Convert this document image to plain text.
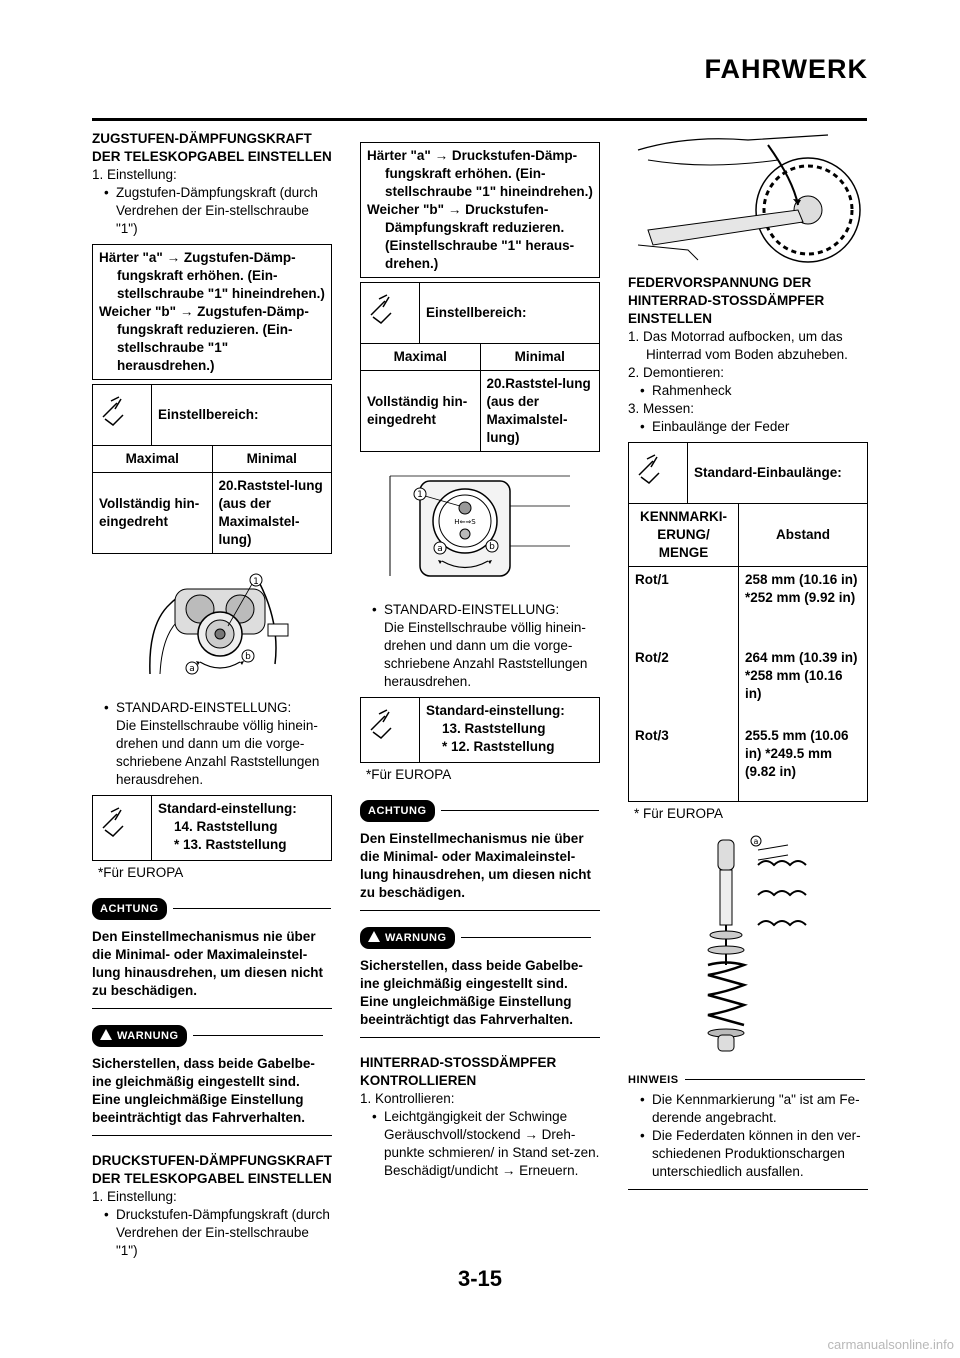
FAHRWERK
ZUGSTUFEN-DÄMPFUNGSKRAFT DER TELESKOPGABEL EINSTELLEN
1. Einstellung:
• Zugstufen-Dämpfungskraft (durch Verdrehen der Ein-stellschraube "1")
Härter "a" → Zugstufen-Dämp-fungskraft erhöhen. (Ein-stellschraube "1" hineindrehen.)
Weicher "b" → Zugstufen-Dämp-fungskraft reduzieren. (Ein-stellschraube "1" herausdrehen.)
	Einstellbereich:
Maximal	Minimal
Vollständig hin-eingedreht	20.Raststel-lung (aus der Maximalstel-lung)
1
a
b
• STANDARD-EINSTELLUNG:
Die Einstellschraube völlig hinein-drehen und dann um die vorge-schriebene Anzahl Raststellungen herausdrehen.

Standard-einstellung:
14. Raststellung
* 13. Raststellung
*Für EUROPA
ACHTUNG
Den Einstellmechanismus nie über die Minimal- oder Maximaleinstel-lung hinausdrehen, um diesen nicht zu beschädigen.
WARNUNG
Sicherstellen, dass beide Gabelbe-ine gleichmäßig eingestellt sind. Eine ungleichmäßige Einstellung beeinträchtigt das Fahrverhalten.
DRUCKSTUFEN-DÄMPFUNGSKRAFT DER TELESKOPGABEL EINSTELLEN
1. Einstellung:
• Druckstufen-Dämpfungskraft (durch Verdrehen der Ein-stellschraube "1")
Härter "a" → Druckstufen-Dämp-fungskraft erhöhen. (Ein-stellschraube "1" hineindrehen.)
Weicher "b" → Druckstufen-Dämpfungskraft reduzieren. (Einstellschraube "1" heraus-drehen.)
	Einstellbereich:
Maximal	Minimal
Vollständig hin-eingedreht	20.Raststel-lung (aus der Maximalstel-lung)
H⇐⇒S
1
a	b
• STANDARD-EINSTELLUNG:
Die Einstellschraube völlig hinein-drehen und dann um die vorge-schriebene Anzahl Raststellungen herausdrehen.

Standard-einstellung:
13. Raststellung
* 12. Raststellung
*Für EUROPA
ACHTUNG
Den Einstellmechanismus nie über die Minimal- oder Maximaleinstel-lung hinausdrehen, um diesen nicht zu beschädigen.
WARNUNG
Sicherstellen, dass beide Gabelbe-ine gleichmäßig eingestellt sind. Eine ungleichmäßige Einstellung beeinträchtigt das Fahrverhalten.
HINTERRAD-STOSSDÄMPFER KONTROLLIEREN
1. Kontrollieren:
• Leichtgängigkeit der Schwinge
Geräuschvoll/stockend → Dreh-punkte schmieren/ in Stand set-zen.
Beschädigt/undicht → Erneuern.
FEDERVORSPANNUNG DER HINTERRAD-STOSSDÄMPFER EINSTELLEN
1. Das Motorrad aufbocken, um das Hinterrad vom Boden abzuheben.
2. Demontieren:
• Rahmenheck
3. Messen:
• Einbaulänge der Feder
	Standard-Einbaulänge:
KENNMARKI-ERUNG/ MENGE	Abstand
Rot/1	258 mm (10.16 in) *252 mm (9.92 in)
Rot/2	264 mm (10.39 in) *258 mm (10.16 in)
Rot/3	255.5 mm (10.06 in) *249.5 mm (9.82 in)
* Für EUROPA
a
HINWEIS
• Die Kennmarkierung "a" ist am Fe-derende angebracht.
• Die Federdaten können in den ver-schiedenen Produktionschargen unterschiedlich ausfallen.
3-15
carmanualsonline.info
